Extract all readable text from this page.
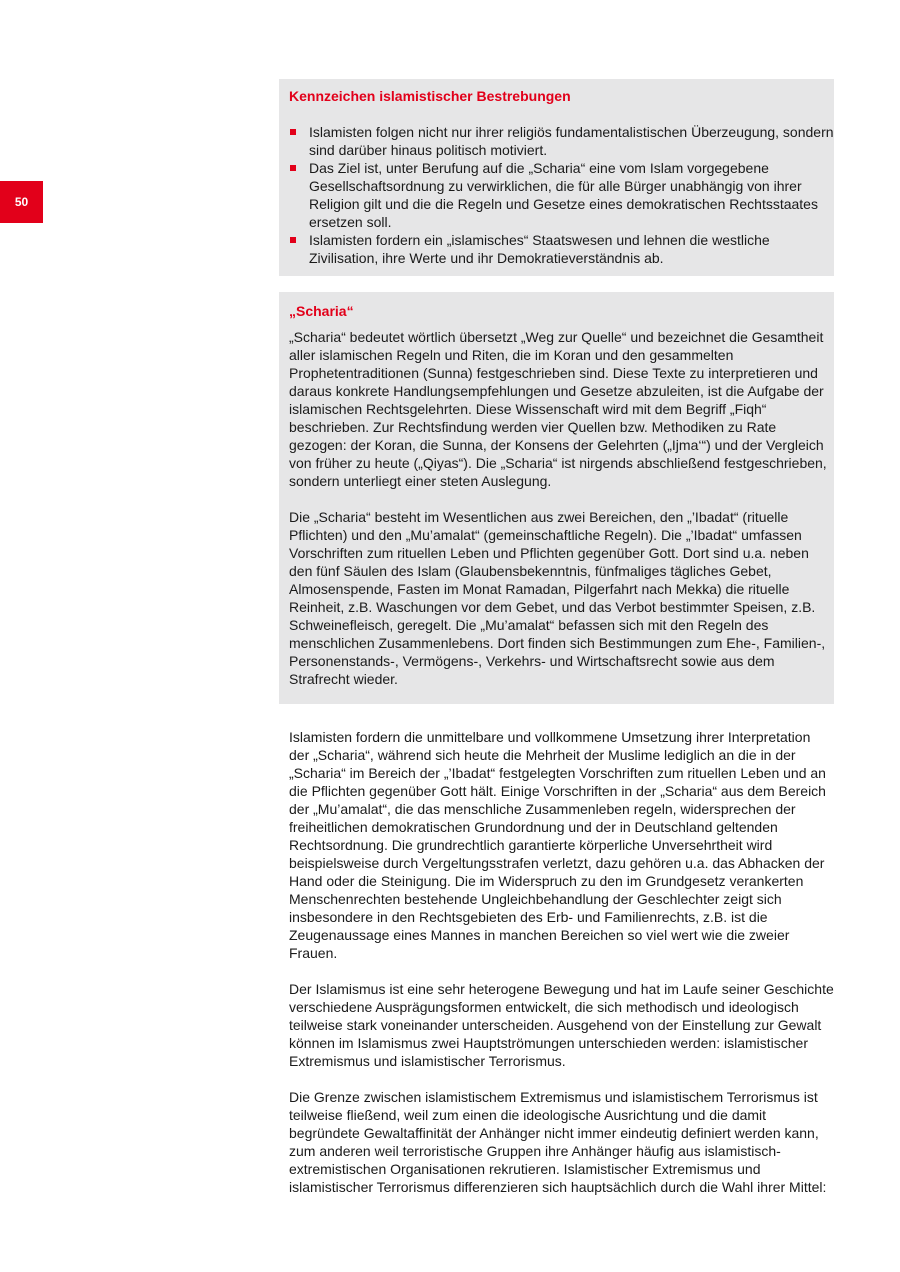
50
Kennzeichen islamistischer Bestrebungen
Islamisten folgen nicht nur ihrer religiös fundamentalistischen Überzeugung, sondern sind darüber hinaus politisch motiviert.
Das Ziel ist, unter Berufung auf die „Scharia“ eine vom Islam vorgegebene Gesellschaftsordnung zu verwirklichen, die für alle Bürger unabhängig von ihrer Religion gilt und die die Regeln und Gesetze eines demokratischen Rechtsstaates ersetzen soll.
Islamisten fordern ein „islamisches“ Staatswesen und lehnen die westliche Zivilisation, ihre Werte und ihr Demokratieverständnis ab.
„Scharia“

„Scharia“ bedeutet wörtlich übersetzt „Weg zur Quelle“ und bezeichnet die Gesamtheit aller islamischen Regeln und Riten, die im Koran und den gesammelten Prophetentraditionen (Sunna) festgeschrieben sind. Diese Texte zu interpretieren und daraus konkrete Handlungsempfehlungen und Gesetze abzuleiten, ist die Aufgabe der islamischen Rechtsgelehrten. Diese Wissenschaft wird mit dem Begriff „Fiqh“ beschrieben. Zur Rechtsfindung werden vier Quellen bzw. Methodiken zu Rate gezogen: der Koran, die Sunna, der Konsens der Gelehrten („Ijma‘“) und der Vergleich von früher zu heute („Qiyas“). Die „Scharia“ ist nirgends abschließend festgeschrieben, sondern unterliegt einer steten Auslegung.

Die „Scharia“ besteht im Wesentlichen aus zwei Bereichen, den „’Ibadat“ (rituelle Pflichten) und den „Mu’amalat“ (gemeinschaftliche Regeln). Die „’Ibadat“ umfassen Vorschriften zum rituellen Leben und Pflichten gegenüber Gott. Dort sind u.a. neben den fünf Säulen des Islam (Glaubensbekenntnis, fünfmaliges tägliches Gebet, Almosenspende, Fasten im Monat Ramadan, Pilgerfahrt nach Mekka) die rituelle Reinheit, z.B. Waschungen vor dem Gebet, und das Verbot bestimmter Speisen, z.B. Schweinefleisch, geregelt. Die „Mu’amalat“ befassen sich mit den Regeln des menschlichen Zusammenlebens. Dort finden sich Bestimmungen zum Ehe-, Familien-, Personenstands-, Vermögens-, Verkehrs- und Wirtschaftsrecht sowie aus dem Strafrecht wieder.

Islamisten fordern die unmittelbare und vollkommene Umsetzung ihrer Interpretation der „Scharia“, während sich heute die Mehrheit der Muslime lediglich an die in der „Scharia“ im Bereich der „’Ibadat“ festgelegten Vorschriften zum rituellen Leben und an die Pflichten gegenüber Gott hält. Einige Vorschriften in der „Scharia“ aus dem Bereich der „Mu’amalat“, die das menschliche Zusammenleben regeln, widersprechen der freiheitlichen demokratischen Grundordnung und der in Deutschland geltenden Rechtsordnung. Die grundrechtlich garantierte körperliche Unversehrtheit wird beispielsweise durch Vergeltungsstrafen verletzt, dazu gehören u.a. das Abhacken der Hand oder die Steinigung. Die im Widerspruch zu den im Grundgesetz verankerten Menschenrechten bestehende Ungleichbehandlung der Geschlechter zeigt sich insbesondere in den Rechtsgebieten des Erb- und Familienrechts, z.B. ist die Zeugenaussage eines Mannes in manchen Bereichen so viel wert wie die zweier Frauen.

Der Islamismus ist eine sehr heterogene Bewegung und hat im Laufe seiner Geschichte verschiedene Ausprägungsformen entwickelt, die sich methodisch und ideologisch teilweise stark voneinander unterscheiden. Ausgehend von der Einstellung zur Gewalt können im Islamismus zwei Hauptströmungen unterschieden werden: islamistischer Extremismus und islamistischer Terrorismus.

Die Grenze zwischen islamistischem Extremismus und islamistischem Terrorismus ist teilweise fließend, weil zum einen die ideologische Ausrichtung und die damit begründete Gewaltaffinität der Anhänger nicht immer eindeutig definiert werden kann, zum anderen weil terroristische Gruppen ihre Anhänger häufig aus islamistisch-extremistischen Organisationen rekrutieren. Islamistischer Extremismus und islamistischer Terrorismus differenzieren sich hauptsächlich durch die Wahl ihrer Mittel:
